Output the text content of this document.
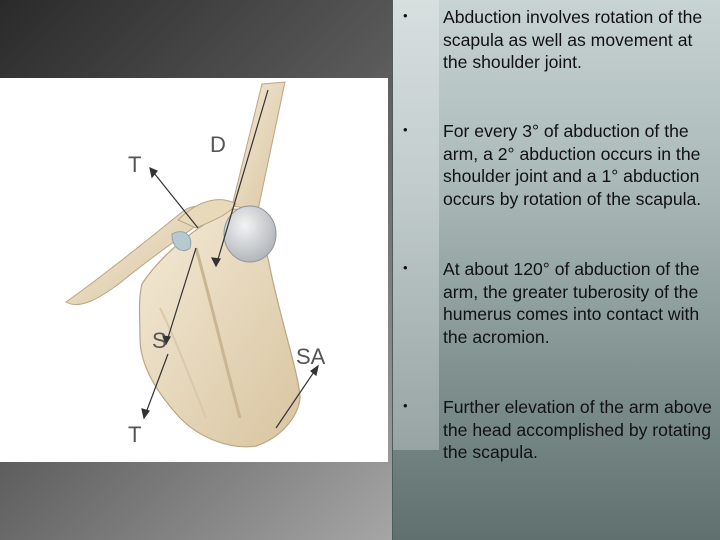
D
T
S
SA
T
• Abduction involves rotation of the scapula as well as movement at the shoulder joint.
• For every 3° of abduction of the arm, a 2° abduction occurs in the shoulder joint and a 1° abduction occurs by rotation of the scapula.
• At about 120° of abduction of the arm, the greater tuberosity of the humerus comes into contact with the acromion.
• Further elevation of the arm above the head accomplished by rotating the scapula.
